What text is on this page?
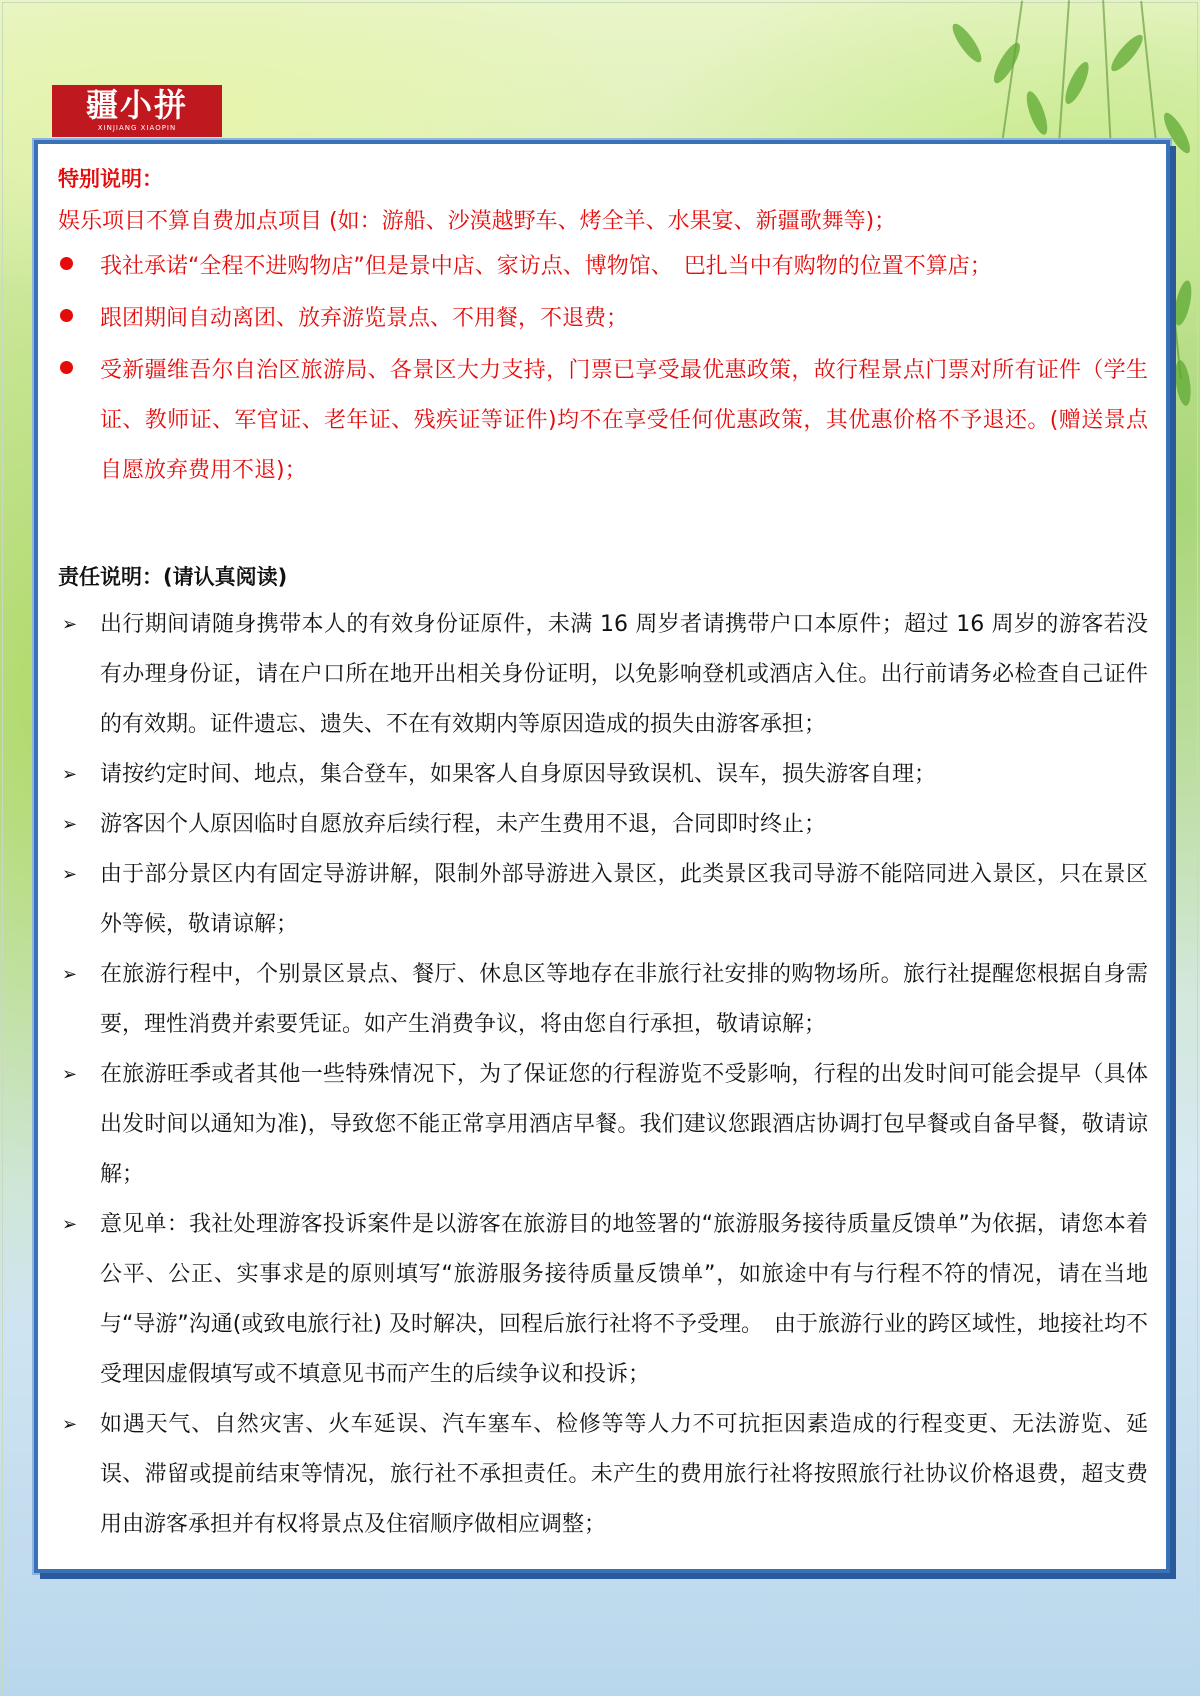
疆小拼
XINJIANG XIAOPIN
特别说明：

娱乐项目不算自费加点项目 (如：游船、沙漠越野车、烤全羊、水果宴、新疆歌舞等)；

我社承诺“全程不进购物店”但是景中店、家访点、博物馆、　巴扎当中有购物的位置不算店；
跟团期间自动离团、放弃游览景点、不用餐，不退费；
受新疆维吾尔自治区旅游局、各景区大力支持，门票已享受最优惠政策，故行程景点门票对所有证件（学生证、教师证、军官证、老年证、残疾证等证件)均不在享受任何优惠政策，其优惠价格不予退还。(赠送景点自愿放弃费用不退)；
责任说明：(请认真阅读)
➢ 出行期间请随身携带本人的有效身份证原件，未满 16 周岁者请携带户口本原件；超过 16 周岁的游客若没有办理身份证，请在户口所在地开出相关身份证明，以免影响登机或酒店入住。出行前请务必检查自己证件的有效期。证件遗忘、遗失、不在有效期内等原因造成的损失由游客承担；
➢ 请按约定时间、地点，集合登车，如果客人自身原因导致误机、误车，损失游客自理；
➢ 游客因个人原因临时自愿放弃后续行程，未产生费用不退，合同即时终止；
➢ 由于部分景区内有固定导游讲解，限制外部导游进入景区，此类景区我司导游不能陪同进入景区，只在景区外等候，敬请谅解；
➢ 在旅游行程中，个别景区景点、餐厅、休息区等地存在非旅行社安排的购物场所。旅行社提醒您根据自身需要，理性消费并索要凭证。如产生消费争议，将由您自行承担，敬请谅解；
➢ 在旅游旺季或者其他一些特殊情况下，为了保证您的行程游览不受影响，行程的出发时间可能会提早（具体出发时间以通知为准)，导致您不能正常享用酒店早餐。我们建议您跟酒店协调打包早餐或自备早餐，敬请谅解；
➢ 意见单：我社处理游客投诉案件是以游客在旅游目的地签署的“旅游服务接待质量反馈单”为依据，请您本着公平、公正、实事求是的原则填写“旅游服务接待质量反馈单”，如旅途中有与行程不符的情况，请在当地与“导游”沟通(或致电旅行社) 及时解决，回程后旅行社将不予受理。　由于旅游行业的跨区域性，地接社均不受理因虚假填写或不填意见书而产生的后续争议和投诉；
➢ 如遇天气、自然灾害、火车延误、汽车塞车、检修等等人力不可抗拒因素造成的行程变更、无法游览、延误、滞留或提前结束等情况，旅行社不承担责任。未产生的费用旅行社将按照旅行社协议价格退费，超支费用由游客承担并有权将景点及住宿顺序做相应调整；
